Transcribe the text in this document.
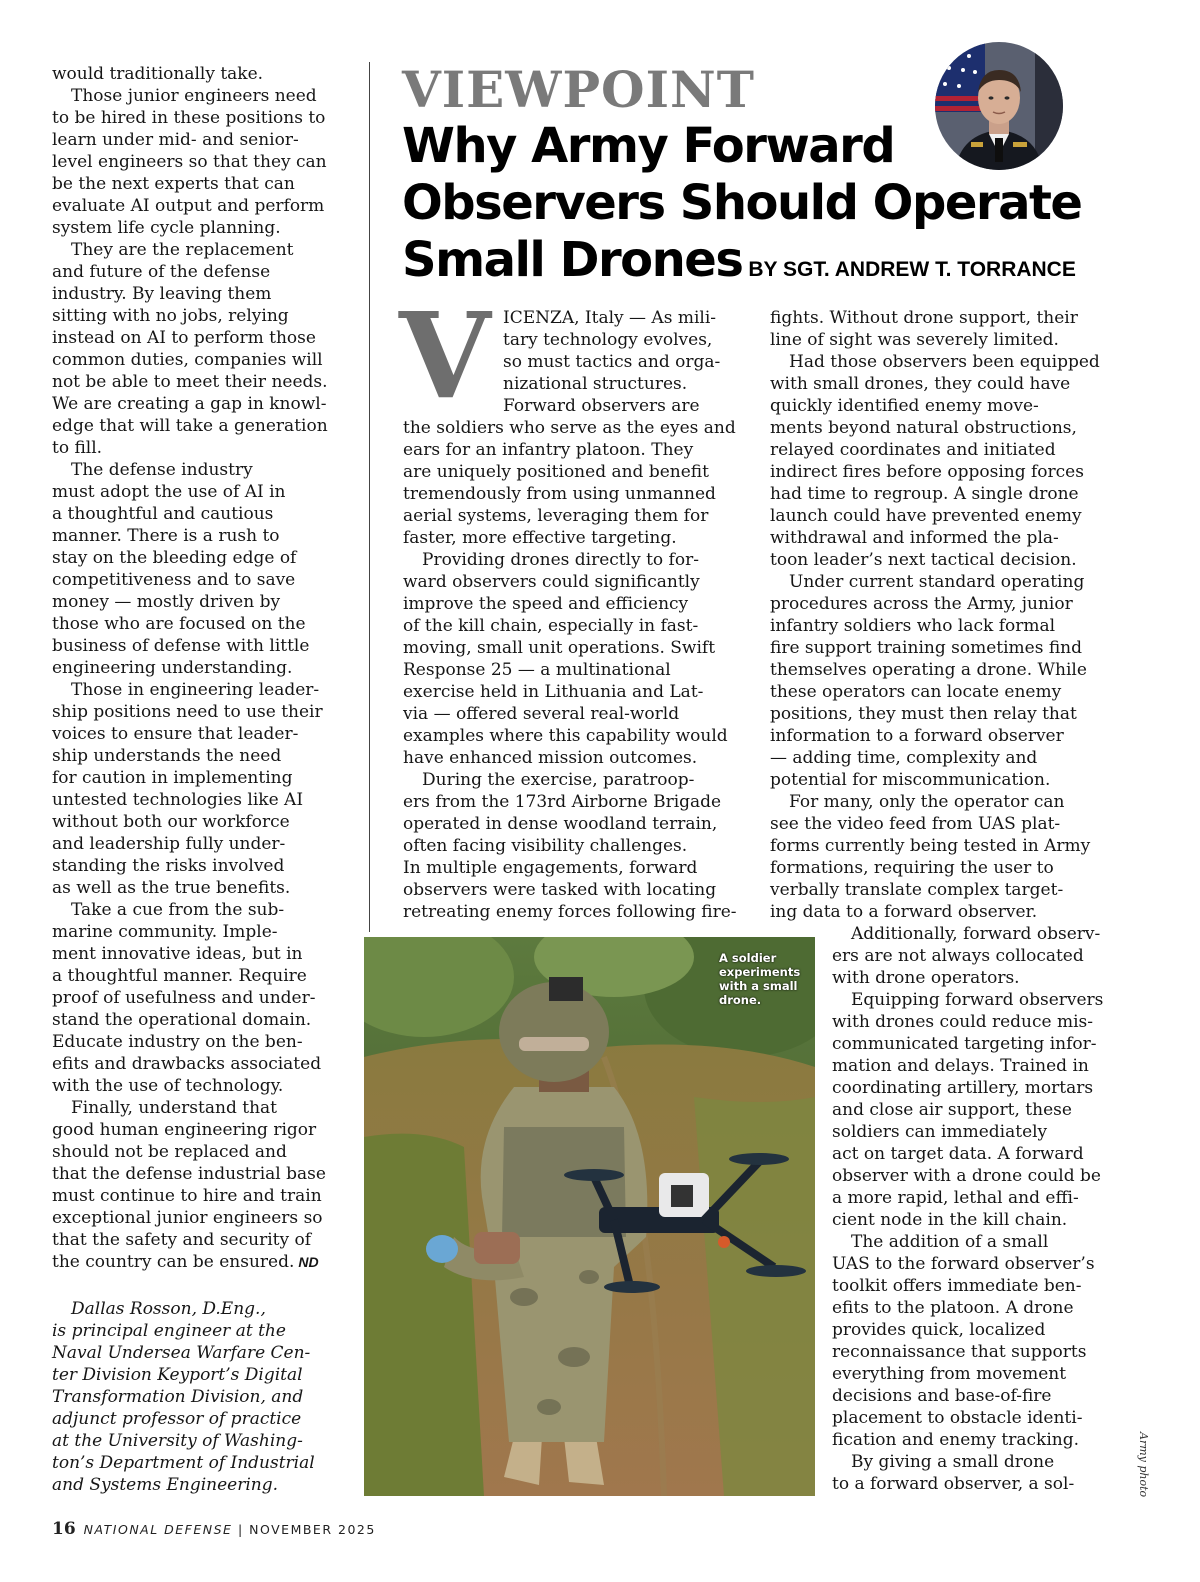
would traditionally take.

Those junior engineers need

to be hired in these positions to

learn under mid- and senior-

level engineers so that they can

be the next experts that can

evaluate AI output and perform

system life cycle planning.

They are the replacement

and future of the defense

industry. By leaving them

sitting with no jobs, relying

instead on AI to perform those

common duties, companies will

not be able to meet their needs.

We are creating a gap in knowl-

edge that will take a generation

to fill.

The defense industry

must adopt the use of AI in

a thoughtful and cautious

manner. There is a rush to

stay on the bleeding edge of

competitiveness and to save

money — mostly driven by

those who are focused on the

business of defense with little

engineering understanding.

Those in engineering leader-

ship positions need to use their

voices to ensure that leader-

ship understands the need

for caution in implementing

untested technologies like AI

without both our workforce

and leadership fully under-

standing the risks involved

as well as the true benefits.

Take a cue from the sub-

marine community. Imple-

ment innovative ideas, but in

a thoughtful manner. Require

proof of usefulness and under-

stand the operational domain.

Educate industry on the ben-

efits and drawbacks associated

with the use of technology.

Finally, understand that

good human engineering rigor

should not be replaced and

that the defense industrial base

must continue to hire and train

exceptional junior engineers so

that the safety and security of

the country can be ensured. ND

Dallas Rosson, D.Eng.,

is principal engineer at the

Naval Undersea Warfare Cen-

ter Division Keyport’s Digital

Transformation Division, and

adjunct professor of practice

at the University of Washing-

ton’s Department of Industrial

and Systems Engineering.

VIEWPOINT
Why Army Forward
Observers Should Operate
Small Drones BY SGT. ANDREW T. TORRANCE
V ICENZA, Italy — As mili-

tary technology evolves,

so must tactics and orga-

nizational structures.

Forward observers are

the soldiers who serve as the eyes and

ears for an infantry platoon. They

are uniquely positioned and benefit

tremendously from using unmanned

aerial systems, leveraging them for

faster, more effective targeting.

Providing drones directly to for-

ward observers could significantly

improve the speed and efficiency

of the kill chain, especially in fast-

moving, small unit operations. Swift

Response 25 — a multinational

exercise held in Lithuania and Lat-

via — offered several real-world

examples where this capability would

have enhanced mission outcomes.

During the exercise, paratroop-

ers from the 173rd Airborne Brigade

operated in dense woodland terrain,

often facing visibility challenges.

In multiple engagements, forward

observers were tasked with locating

retreating enemy forces following fire-

fights. Without drone support, their

line of sight was severely limited.

Had those observers been equipped

with small drones, they could have

quickly identified enemy move-

ments beyond natural obstructions,

relayed coordinates and initiated

indirect fires before opposing forces

had time to regroup. A single drone

launch could have prevented enemy

withdrawal and informed the pla-

toon leader’s next tactical decision.

Under current standard operating

procedures across the Army, junior

infantry soldiers who lack formal

fire support training sometimes find

themselves operating a drone. While

these operators can locate enemy

positions, they must then relay that

information to a forward observer

— adding time, complexity and

potential for miscommunication.

For many, only the operator can

see the video feed from UAS plat-

forms currently being tested in Army

formations, requiring the user to

verbally translate complex target-

ing data to a forward observer.

Additionally, forward observ-

ers are not always collocated

with drone operators.

Equipping forward observers

with drones could reduce mis-

communicated targeting infor-

mation and delays. Trained in

coordinating artillery, mortars

and close air support, these

soldiers can immediately

act on target data. A forward

observer with a drone could be

a more rapid, lethal and effi-

cient node in the kill chain.

The addition of a small

UAS to the forward observer’s

toolkit offers immediate ben-

efits to the platoon. A drone

provides quick, localized

reconnaissance that supports

everything from movement

decisions and base-of-fire

placement to obstacle identi-

fication and enemy tracking.

By giving a small drone

to a forward observer, a sol-

A soldier experiments with a small drone.
Army photo
16 NATIONAL DEFENSE | NOVEMBER 2025
